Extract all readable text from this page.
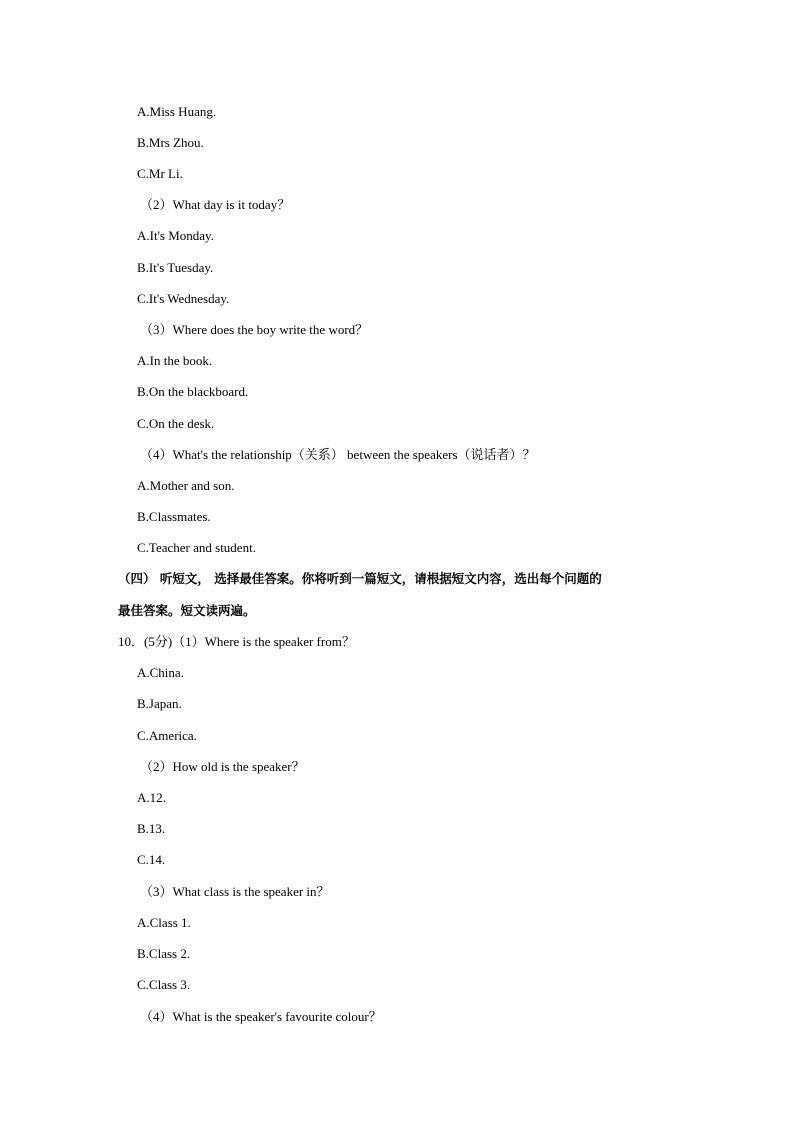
A.Miss Huang.
B.Mrs Zhou.
C.Mr Li.
（2）What day is it today？
A.It's Monday.
B.It's Tuesday.
C.It's Wednesday.
（3）Where does the boy write the word？
A.In the book.
B.On the blackboard.
C.On the desk.
（4）What's the relationship（关系） between the speakers（说话者）？
A.Mother and son.
B.Classmates.
C.Teacher and student.
（四） 听短文， 选择最佳答案。你将听到一篇短文，请根据短文内容，选出每个问题的
最佳答案。短文读两遍。
10．(5分)（1）Where is the speaker from？
A.China.
B.Japan.
C.America.
（2）How old is the speaker？
A.12.
B.13.
C.14.
（3）What class is the speaker in？
A.Class 1.
B.Class 2.
C.Class 3.
（4）What is the speaker's favourite colour？
